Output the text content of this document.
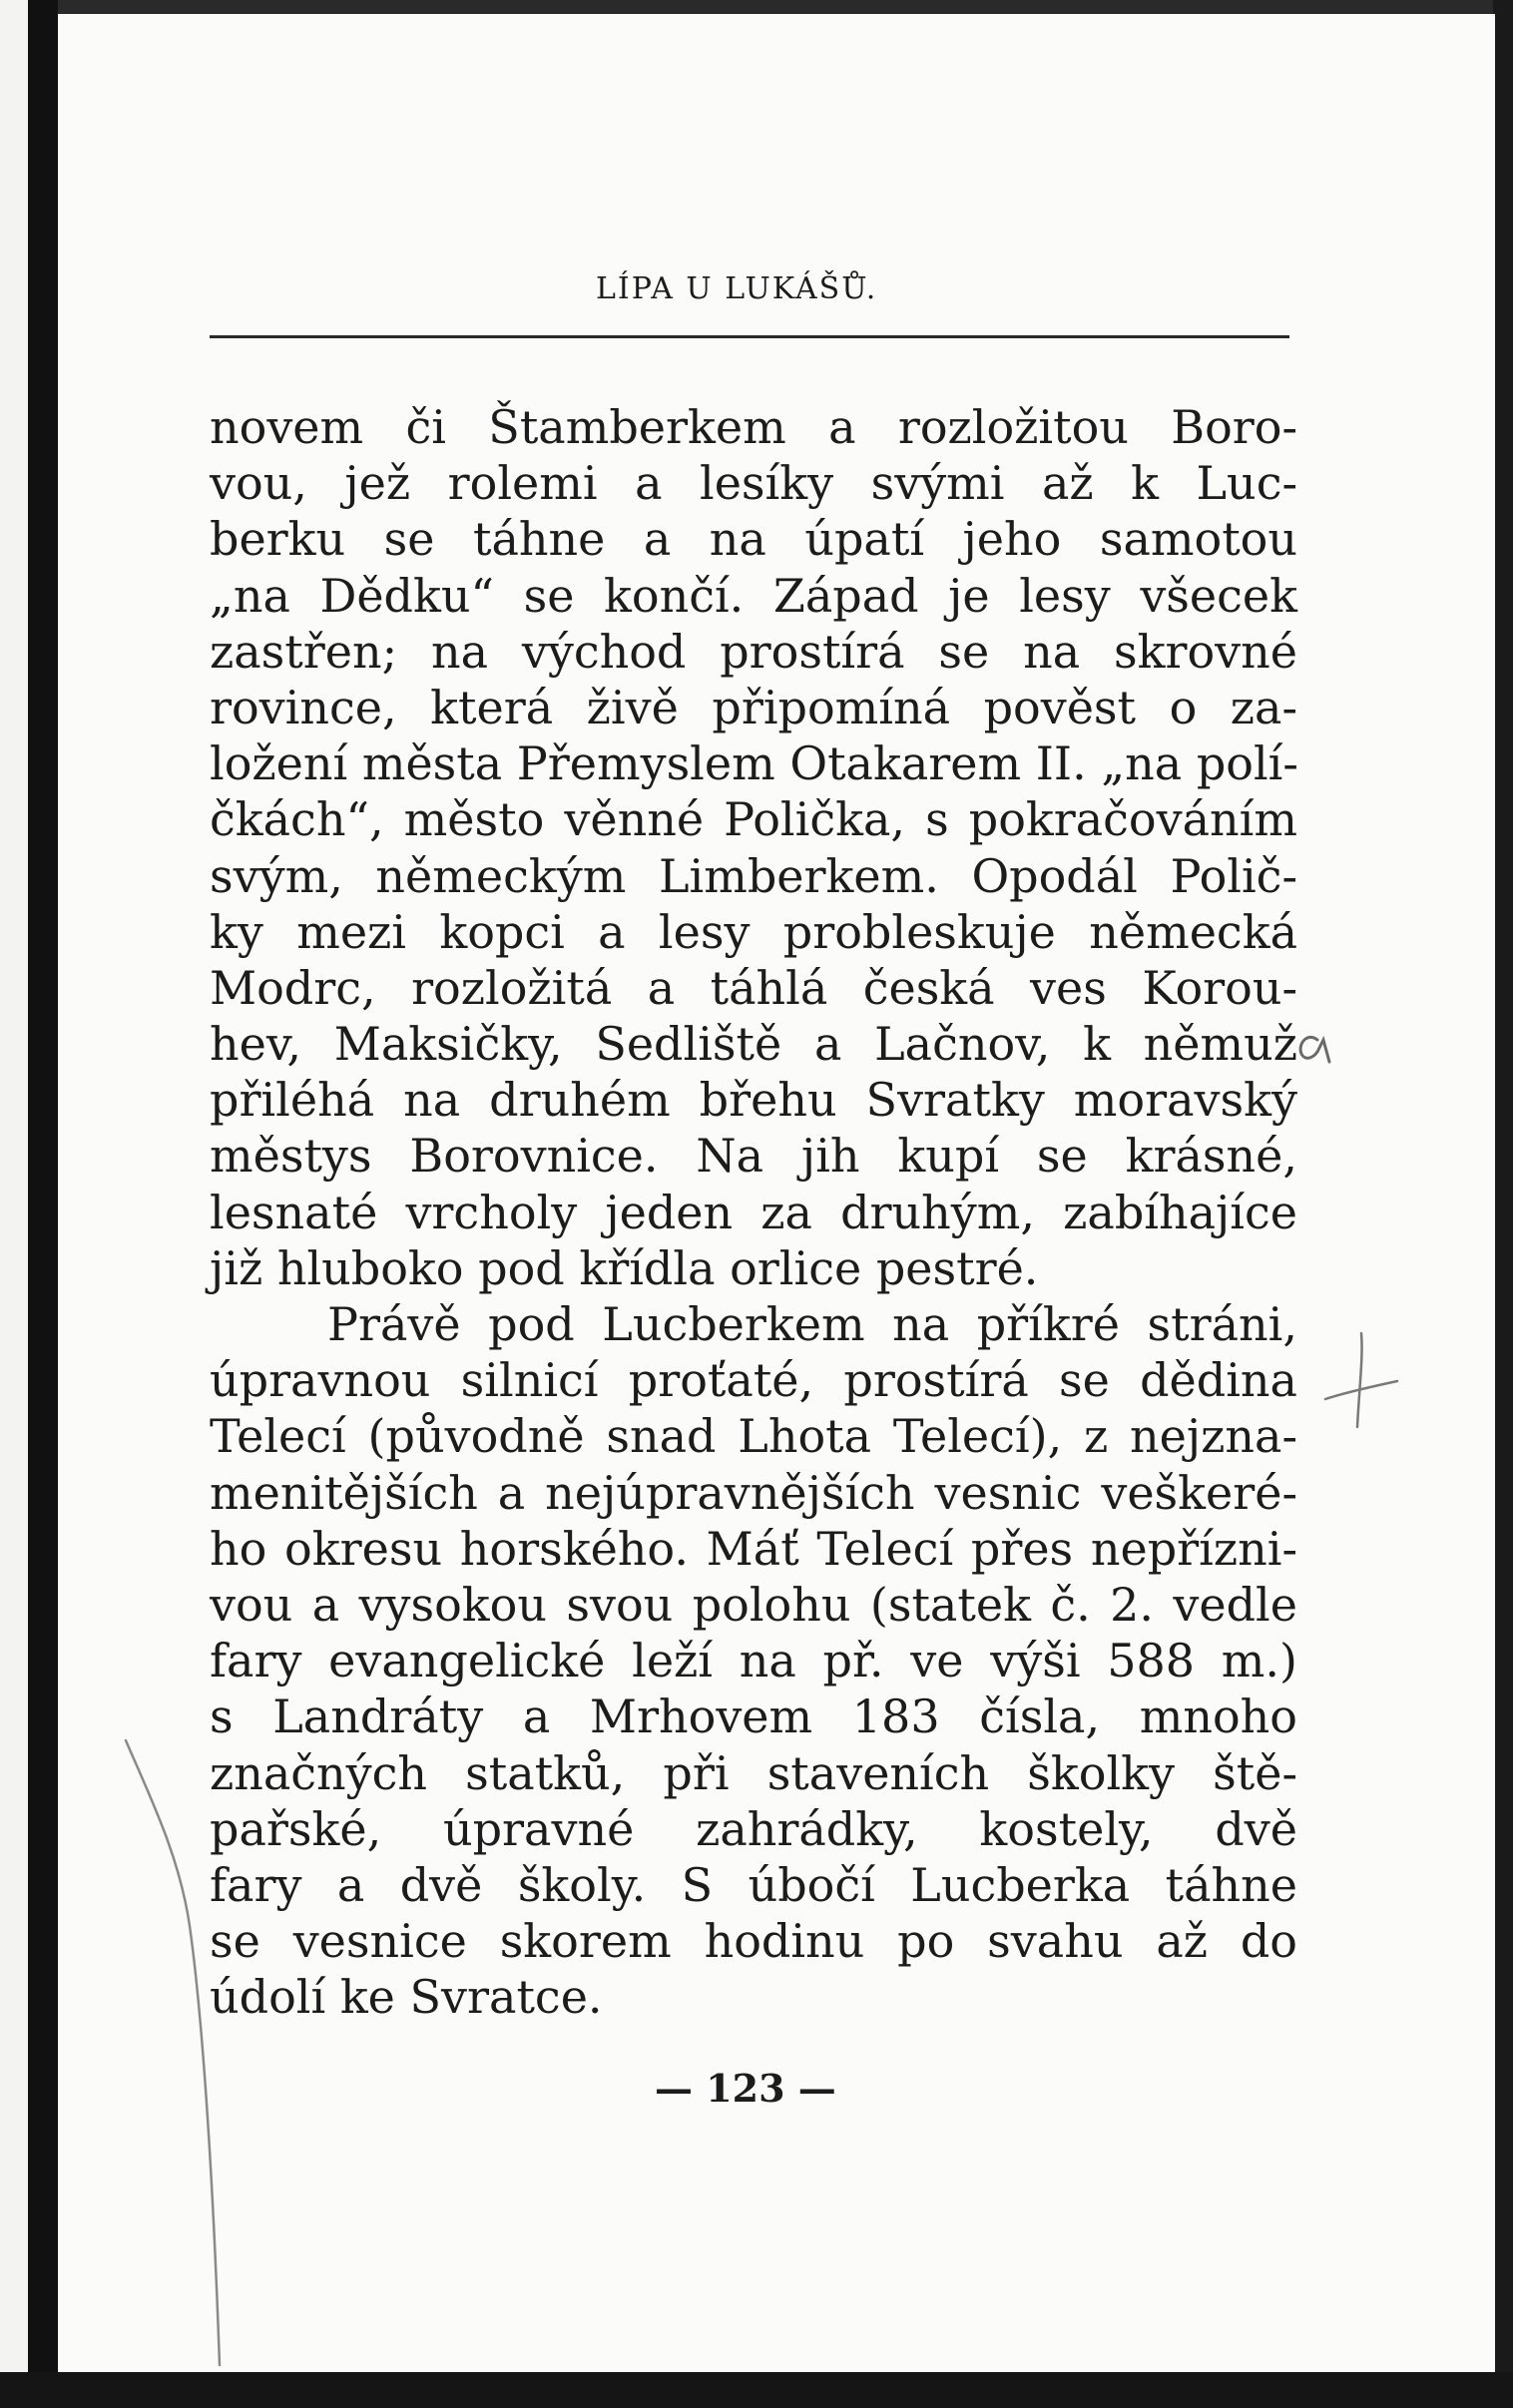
LÍPA U LUKÁŠŮ.
novem či Štamberkem a rozložitou Boro-
vou, jež rolemi a lesíky svými až k Luc-
berku se táhne a na úpatí jeho samotou
„na Dědku“ se končí. Západ je lesy všecek
zastřen; na východ prostírá se na skrovné
rovince, která živě připomíná pověst o za-
ložení města Přemyslem Otakarem II. „na polí-
čkách“, město věnné Polička, s pokračováním
svým, německým Limberkem. Opodál Polič-
ky mezi kopci a lesy probleskuje německá
Modrc, rozložitá a táhlá česká ves Korou-
hev, Maksičky, Sedliště a Lačnov, k němuž
přiléhá na druhém břehu Svratky moravský
městys Borovnice. Na jih kupí se krásné,
lesnaté vrcholy jeden za druhým, zabíhajíce
již hluboko pod křídla orlice pestré.
Právě pod Lucberkem na příkré stráni,
úpravnou silnicí proťaté, prostírá se dědina
Telecí (původně snad Lhota Telecí), z nejzna-
menitějších a nejúpravnějších vesnic veškeré-
ho okresu horského. Máť Telecí přes nepřízni-
vou a vysokou svou polohu (statek č. 2. vedle
fary evangelické leží na př. ve výši 588 m.)
s Landráty a Mrhovem 183 čísla, mnoho
značných statků, při staveních školky ště-
pařské, úpravné zahrádky, kostely, dvě
fary a dvě školy. S úbočí Lucberka táhne
se vesnice skorem hodinu po svahu až do
údolí ke Svratce.
a
— 123 —
